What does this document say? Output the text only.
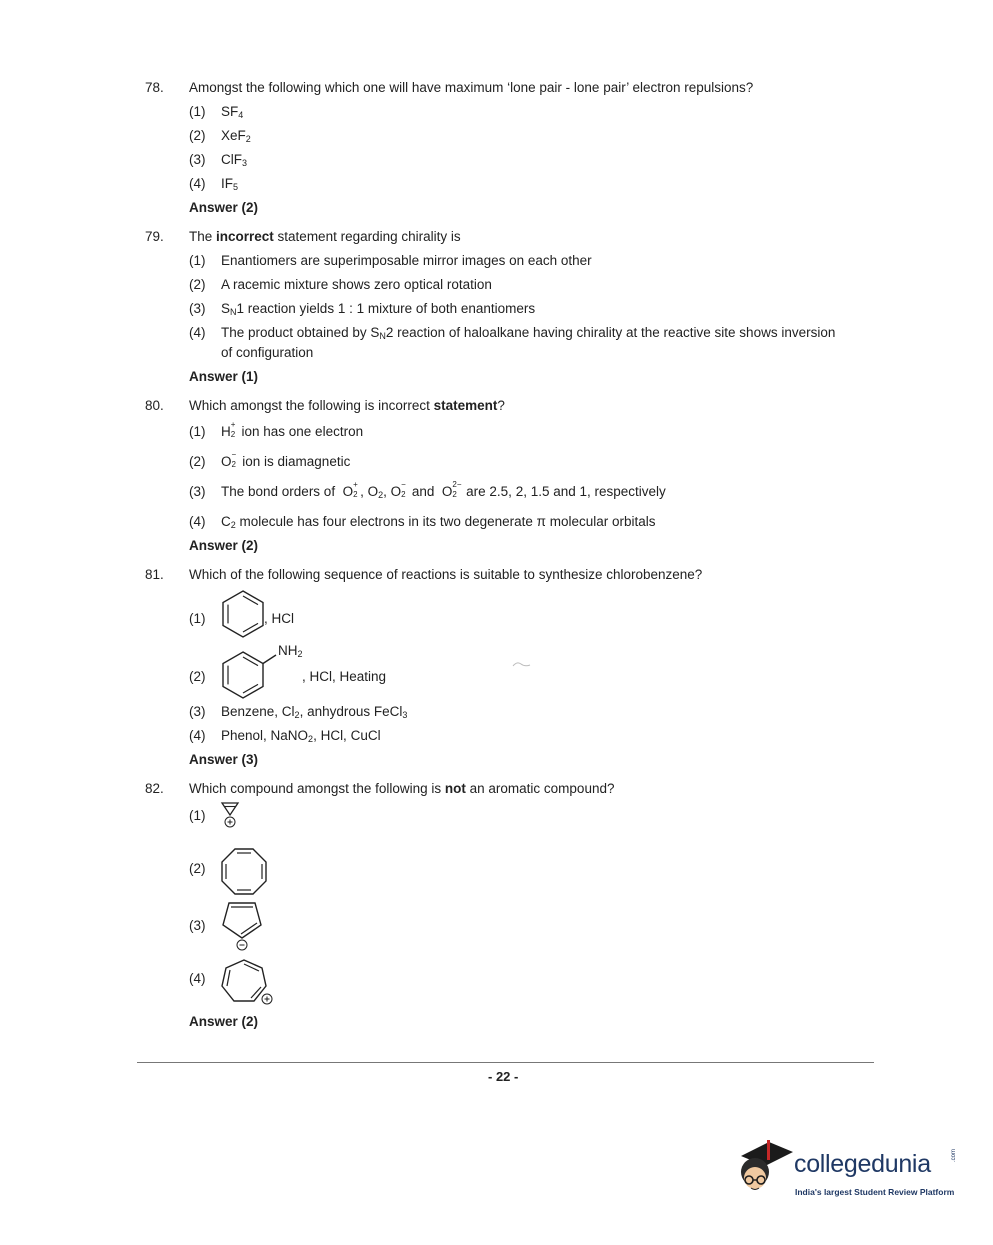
78. Amongst the following which one will have maximum ‘lone pair - lone pair’ electron repulsions?
(1) $SF_4$
(2) XeF$_2$
(3) ClF$_3$
(4) $IF_5$
Answer (2)
79. The incorrect statement regarding chirality is
(1) Enantiomers are superimposable mirror images on each other
(2) A racemic mixture shows zero optical rotation
(3) $S_N1$ reaction yields 1 : 1 mixture of both enantiomers
(4) The product obtained by $S_N2$ reaction of haloalkane having chirality at the reactive site shows inversion
of configuration
Answer (1)
80. Which amongst the following is incorrect statement?
(1) H +
2 ion has one electron
(2) O −
2 ion is diamagnetic
(3) The bond orders of  O +
2 , $O_2$, O −
2 and  O 2−
2 are 2.5, 2, 1.5 and 1, respectively
(4) $C_2$ molecule has four electrons in its two degenerate π molecular orbitals
Answer (2)
81. Which of the following sequence of reactions is suitable to synthesize chlorobenzene?
(1)	, HCl
(2)
$NH_2$
, HCl, Heating
(3) Benzene, $Cl_2$, anhydrous FeCl$_3$
(4) Phenol, NaNO$_2$, HCl, CuCl
Answer (3)
82. Which compound amongst the following is not an aromatic compound?
(1)
(2)
(3)
(4)
Answer (2)
- 22 -
collegedunia	.com
India's largest Student Review Platform
